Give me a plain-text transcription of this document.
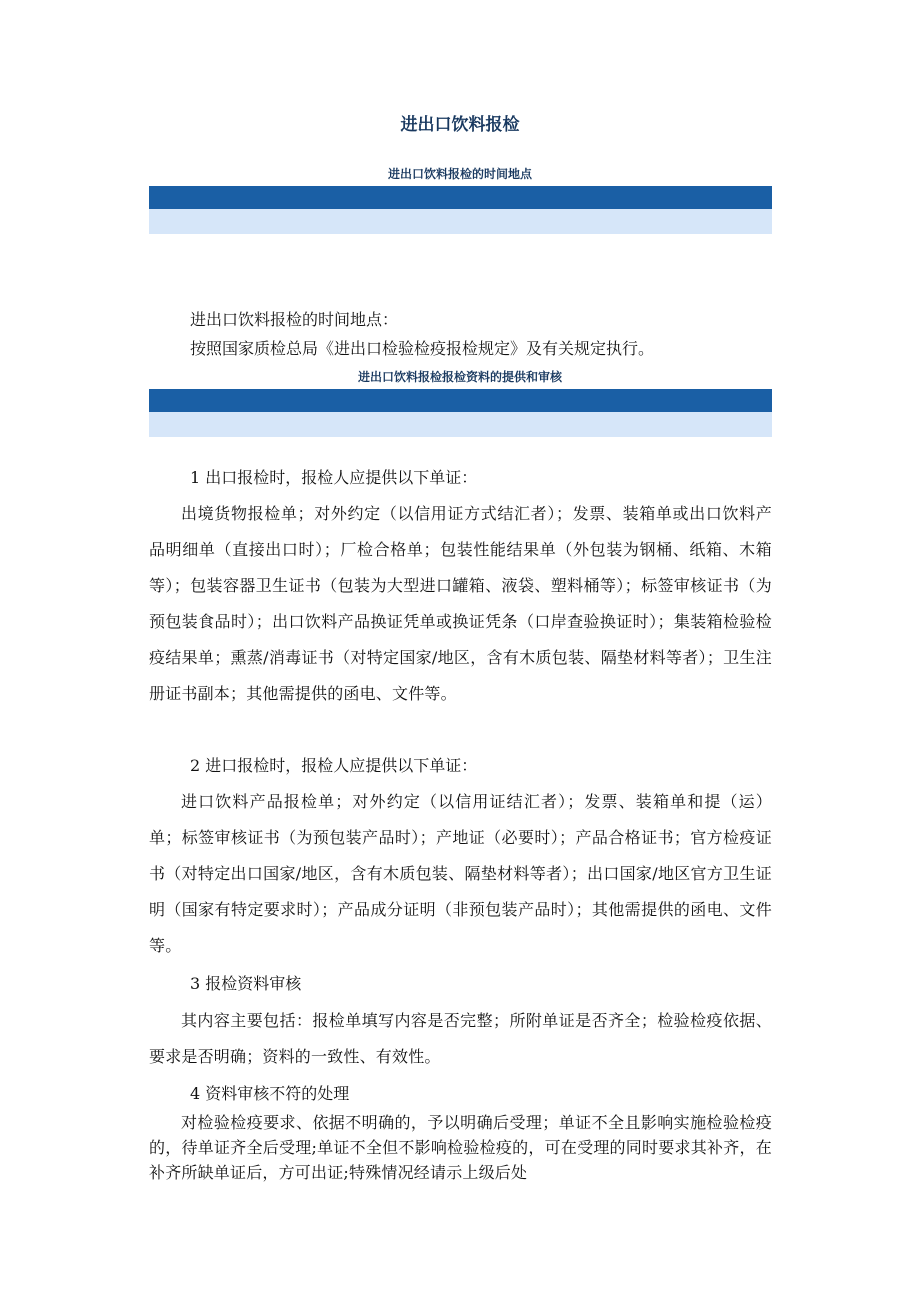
进出口饮料报检
进出口饮料报检的时间地点

进出口饮料报检的时间地点：

按照国家质检总局《进出口检验检疫报检规定》及有关规定执行。

进出口饮料报检报检资料的提供和审核

1 出口报检时，报检人应提供以下单证：

出境货物报检单；对外约定（以信用证方式结汇者）；发票、装箱单或出口饮料产品明细单（直接出口时）；厂检合格单；包装性能结果单（外包装为钢桶、纸箱、木箱等）；包装容器卫生证书（包装为大型进口罐箱、液袋、塑料桶等）；标签审核证书（为预包装食品时）；出口饮料产品换证凭单或换证凭条（口岸查验换证时）；集装箱检验检疫结果单；熏蒸/消毒证书（对特定国家/地区，含有木质包装、隔垫材料等者）；卫生注册证书副本；其他需提供的函电、文件等。

2 进口报检时，报检人应提供以下单证：

进口饮料产品报检单；对外约定（以信用证结汇者）；发票、装箱单和提（运）单；标签审核证书（为预包装产品时）；产地证（必要时）；产品合格证书；官方检疫证书（对特定出口国家/地区，含有木质包装、隔垫材料等者）；出口国家/地区官方卫生证明（国家有特定要求时）；产品成分证明（非预包装产品时）；其他需提供的函电、文件等。

3 报检资料审核

其内容主要包括：报检单填写内容是否完整；所附单证是否齐全；检验检疫依据、要求是否明确；资料的一致性、有效性。

4 资料审核不符的处理

对检验检疫要求、依据不明确的，予以明确后受理；单证不全且影响实施检验检疫的，待单证齐全后受理;单证不全但不影响检验检疫的，可在受理的同时要求其补齐，在补齐所缺单证后，方可出证;特殊情况经请示上级后处
